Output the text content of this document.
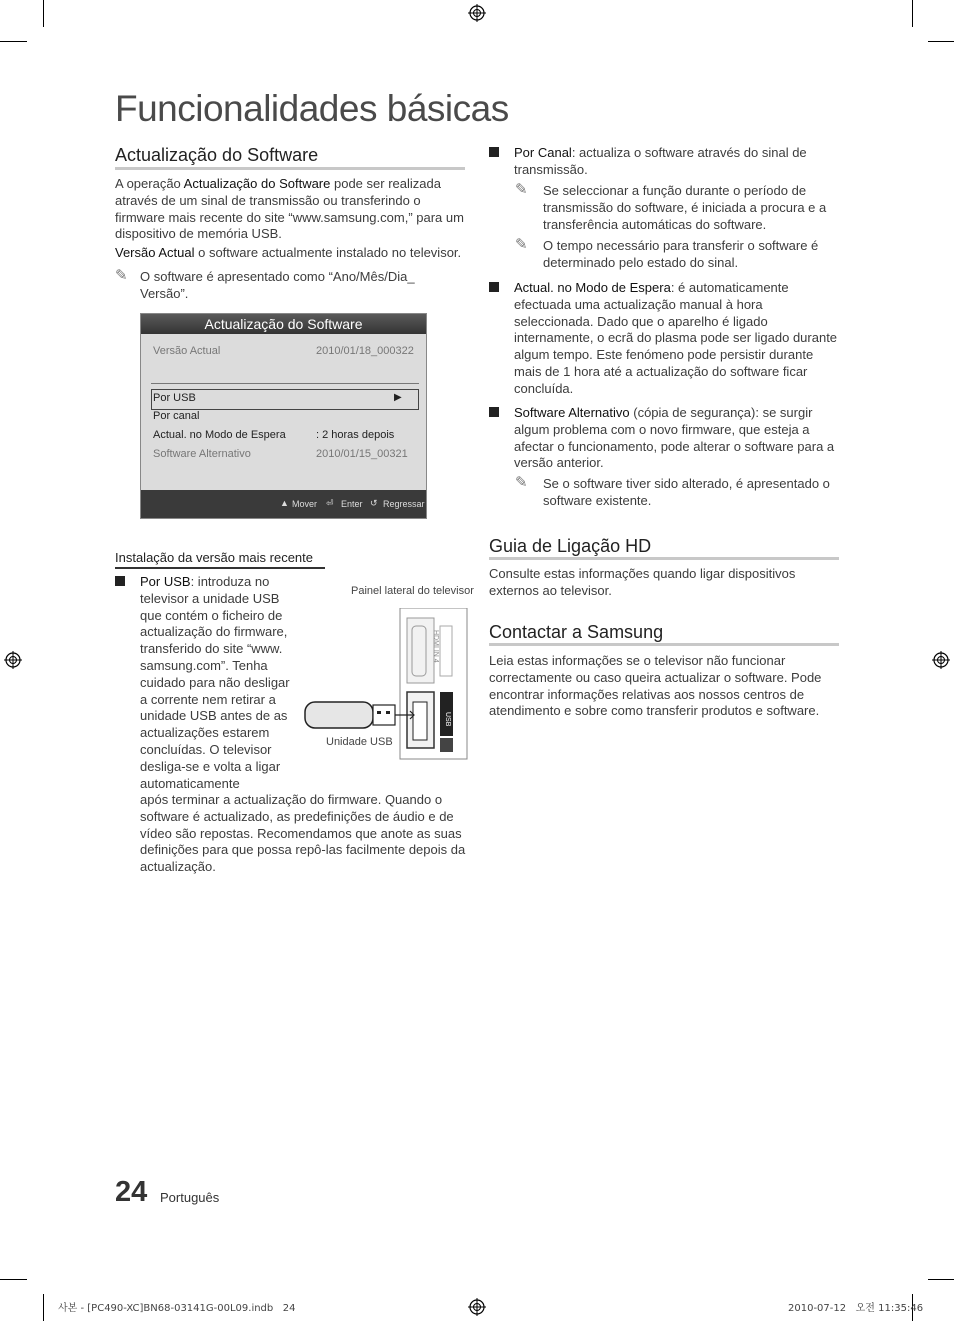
Funcionalidades básicas
Actualização do Software
A operação Actualização do Software pode ser realizada através de um sinal de transmissão ou transferindo o firmware mais recente do site “www.samsung.com,” para um dispositivo de memória USB.
Versão Actual o software actualmente instalado no televisor.
✎ O software é apresentado como “Ano/Mês/Dia_ Versão”.
Actualização do Software
Versão Actual	2010/01/18_000322
Por USB	▶
Por canal
Actual. no Modo de Espera	: 2 horas depois
Software Alternativo	2010/01/15_00321
▲ Mover ⏎ Enter ↺ Regressar
Instalação da versão mais recente
Por USB: introduza no televisor a unidade USB que contém o ficheiro de actualização do firmware, transferido do site “www. samsung.com”. Tenha cuidado para não desligar a corrente nem retirar a unidade USB antes de as actualizações estarem concluídas. O televisor desliga-se e volta a ligar automaticamente
após terminar a actualização do firmware. Quando o software é actualizado, as predefinições de áudio e de vídeo são repostas. Recomendamos que anote as suas definições para que possa repô-las facilmente depois da actualização.
Painel lateral do televisor
Unidade USB
HDMI IN 4
USB
Por Canal: actualiza o software através do sinal de transmissão.
✎ Se seleccionar a função durante o período de transmissão do software, é iniciada a procura e a transferência automáticas do software.
✎ O tempo necessário para transferir o software é determinado pelo estado do sinal.
Actual. no Modo de Espera: é automaticamente efectuada uma actualização manual à hora seleccionada. Dado que o aparelho é ligado internamente, o ecrã do plasma pode ser ligado durante algum tempo. Este fenómeno pode persistir durante mais de 1 hora até a actualização do software ficar concluída.
Software Alternativo (cópia de segurança): se surgir algum problema com o novo firmware, que esteja a afectar o funcionamento, pode alterar o software para a versão anterior.
✎ Se o software tiver sido alterado, é apresentado o software existente.
Guia de Ligação HD
Consulte estas informações quando ligar dispositivos externos ao televisor.
Contactar a Samsung
Leia estas informações se o televisor não funcionar correctamente ou caso queira actualizar o software. Pode encontrar informações relativas aos nossos centros de atendimento e sobre como transferir produtos e software.
24 Português
사본 - [PC490-XC]BN68-03141G-00L09.indb   24	2010-07-12   오전 11:35:46
